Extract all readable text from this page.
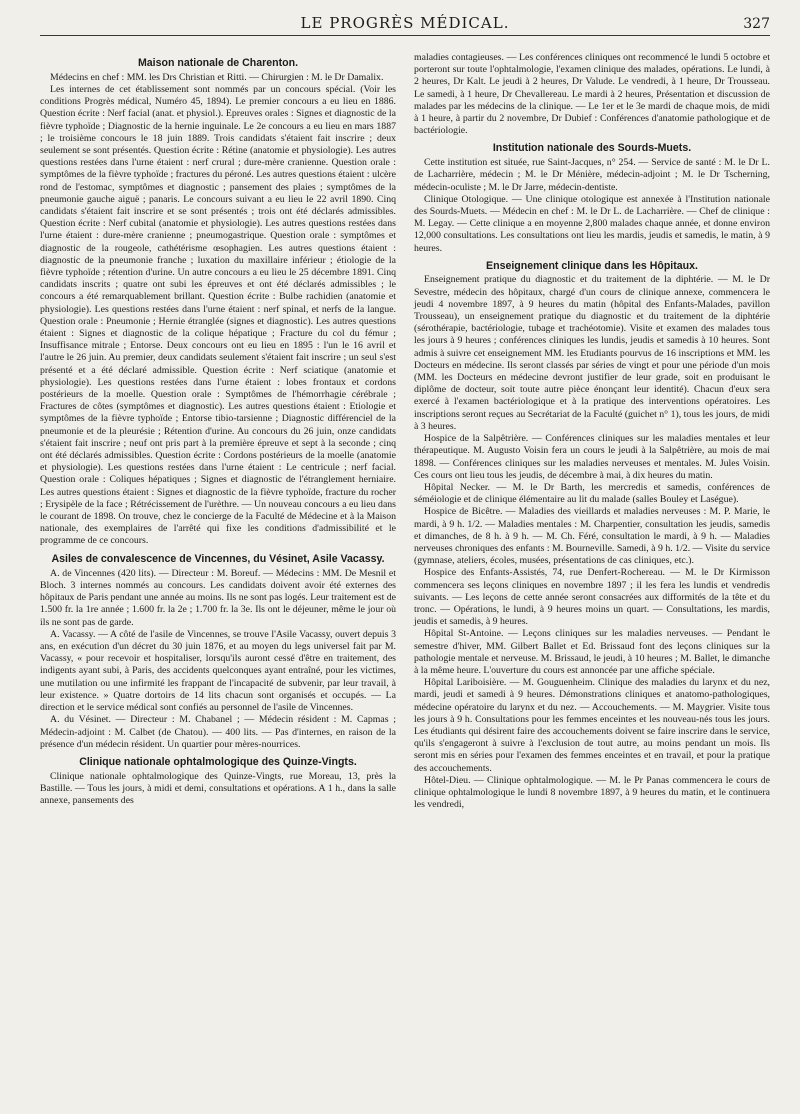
LE PROGRÈS MÉDICAL.	327
Maison nationale de Charenton.

Médecins en chef : MM. les Drs Christian et Ritti. — Chirurgien : M. le Dr Damalix.

Les internes de cet établissement sont nommés par un concours spécial. (Voir les conditions Progrès médical, Numéro 45, 1894). Le premier concours a eu lieu en 1886. Question écrite : Nerf facial (anat. et physiol.). Epreuves orales : Signes et diagnostic de la fièvre typhoïde ; Diagnostic de la hernie inguinale. Le 2e concours a eu lieu en mars 1887 ; le troisième concours le 18 juin 1889. Trois candidats s'étaient fait inscrire ; deux seulement se sont présentés. Question écrite : Rétine (anatomie et physiologie). Les autres questions restées dans l'urne étaient : nerf crural ; dure-mère cranienne. Question orale : symptômes de la fièvre typhoïde ; fractures du péroné. Les autres questions étaient : ulcère rond de l'estomac, symptômes et diagnostic ; pansement des plaies ; symptômes de la pneumonie gauche aiguë ; panaris. Le concours suivant a eu lieu le 22 avril 1890. Cinq candidats s'étaient fait inscrire et se sont présentés ; trois ont été déclarés admissibles. Question écrite : Nerf cubital (anatomie et physiologie). Les autres questions restées dans l'urne étaient : dure-mère cranienne ; pneumogastrique. Question orale : symptômes et diagnostic de la rougeole, cathétérisme œsophagien. Les autres questions étaient : diagnostic de la pneumonie franche ; luxation du maxillaire inférieur ; étiologie de la fièvre typhoïde ; rétention d'urine. Un autre concours a eu lieu le 25 décembre 1891. Cinq candidats inscrits ; quatre ont subi les épreuves et ont été déclarés admissibles ; le concours a été remarquablement brillant. Question écrite : Bulbe rachidien (anatomie et physiologie). Les questions restées dans l'urne étaient : nerf spinal, et nerfs de la langue. Question orale : Pneumonie ; Hernie étranglée (signes et diagnostic). Les autres questions étaient : Signes et diagnostic de la colique hépatique ; Fracture du col du fémur ; Insuffisance mitrale ; Entorse. Deux concours ont eu lieu en 1895 : l'un le 16 avril et l'autre le 26 juin. Au premier, deux candidats seulement s'étaient fait inscrire ; un seul s'est présenté et a été déclaré admissible. Question écrite : Nerf sciatique (anatomie et physiologie). Les questions restées dans l'urne étaient : lobes frontaux et cordons postérieurs de la moelle. Question orale : Symptômes de l'hémorrhagie cérébrale ; Fractures de côtes (symptômes et diagnostic). Les autres questions étaient : Etiologie et symptômes de la fièvre typhoïde ; Entorse tibio-tarsienne ; Diagnostic différenciel de la pneumonie et de la pleurésie ; Rétention d'urine. Au concours du 26 juin, onze candidats s'étaient fait inscrire ; neuf ont pris part à la première épreuve et sept à la seconde ; cinq ont été déclarés admissibles. Question écrite : Cordons postérieurs de la moelle (anatomie et physiologie). Les questions restées dans l'urne étaient : Le centricule ; nerf facial. Question orale : Coliques hépatiques ; Signes et diagnostic de l'étranglement herniaire. Les autres questions étaient : Signes et diagnostic de la fièvre typhoïde, fracture du rocher ; Erysipèle de la face ; Rétrécissement de l'urèthre. — Un nouveau concours a eu lieu dans le courant de 1898. On trouve, chez le concierge de la Faculté de Médecine et à la Maison nationale, des exemplaires de l'arrêté qui fixe les conditions d'admissibilité et le programme de ce concours.

Asiles de convalescence de Vincennes, du Vésinet, Asile Vacassy.

A. de Vincennes (420 lits). — Directeur : M. Boreuf. — Médecins : MM. De Mesnil et Bloch. 3 internes nommés au concours. Les candidats doivent avoir été externes des hôpitaux de Paris pendant une année au moins. Ils ne sont pas logés. Leur traitement est de 1.500 fr. la 1re année ; 1.600 fr. la 2e ; 1.700 fr. la 3e. Ils ont le déjeuner, même le jour où ils ne sont pas de garde.

A. Vacassy. — A côté de l'asile de Vincennes, se trouve l'Asile Vacassy, ouvert depuis 3 ans, en exécution d'un décret du 30 juin 1876, et au moyen du legs universel fait par M. Vacassy, « pour recevoir et hospitaliser, lorsqu'ils auront cessé d'être en traitement, des indigents ayant subi, à Paris, des accidents quelconques ayant entraîné, pour les victimes, une mutilation ou une infirmité les frappant de l'incapacité de subvenir, par leur travail, à leur existence. » Quatre dortoirs de 14 lits chacun sont organisés et occupés. — La direction et le service médical sont confiés au personnel de l'asile de Vincennes.

A. du Vésinet. — Directeur : M. Chabanel ; — Médecin résident : M. Capmas ; Médecin-adjoint : M. Calbet (de Chatou). — 400 lits. — Pas d'internes, en raison de la présence d'un médecin résident. Un quartier pour mères-nourrices.

Clinique nationale ophtalmologique des Quinze-Vingts.

Clinique nationale ophtalmologique des Quinze-Vingts, rue Moreau, 13, près la Bastille. — Tous les jours, à midi et demi, consultations et opérations. A 1 h., dans la salle annexe, pansements des

maladies contagieuses. — Les conférences cliniques ont recommencé le lundi 5 octobre et porteront sur toute l'ophtalmologie, l'examen clinique des malades, opérations. Le lundi, à 2 heures, Dr Kalt. Le jeudi à 2 heures, Dr Valude. Le vendredi, à 1 heure, Dr Trousseau. Le samedi, à 1 heure, Dr Chevallereau. Le mardi à 2 heures, Présentation et discussion de malades par les médecins de la clinique. — Le 1er et le 3e mardi de chaque mois, de midi à 1 heure, à partir du 2 novembre, Dr Dubief : Conférences d'anatomie pathologique et de bactériologie.

Institution nationale des Sourds-Muets.

Cette institution est située, rue Saint-Jacques, n° 254. — Service de santé : M. le Dr L. de Lacharrière, médecin ; M. le Dr Ménière, médecin-adjoint ; M. le Dr Tscherning, médecin-oculiste ; M. le Dr Jarre, médecin-dentiste.

Clinique Otologique. — Une clinique otologique est annexée à l'Institution nationale des Sourds-Muets. — Médecin en chef : M. le Dr L. de Lacharrière. — Chef de clinique : M. Legay. — Cette clinique a en moyenne 2,800 malades chaque année, et donne environ 12,000 consultations. Les consultations ont lieu les mardis, jeudis et samedis, le matin, à 9 heures.

Enseignement clinique dans les Hôpitaux.

Enseignement pratique du diagnostic et du traitement de la diphtérie. — M. le Dr Sevestre, médecin des hôpitaux, chargé d'un cours de clinique annexe, commencera le jeudi 4 novembre 1897, à 9 heures du matin (hôpital des Enfants-Malades, pavillon Trousseau), un enseignement pratique du diagnostic et du traitement de la diphtérie (sérothérapie, bactériologie, tubage et trachéotomie). Visite et examen des malades tous les jours à 9 heures ; conférences cliniques les lundis, jeudis et samedis à 10 heures. Sont admis à suivre cet enseignement MM. les Etudiants pourvus de 16 inscriptions et MM. les Docteurs en médecine. Ils seront classés par séries de vingt et pour une période d'un mois (MM. les Docteurs en médecine devront justifier de leur grade, soit en produisant le diplôme de docteur, soit toute autre pièce énonçant leur identité). Chacun d'eux sera exercé à l'examen bactériologique et à la pratique des interventions opératoires. Les inscriptions seront reçues au Secrétariat de la Faculté (guichet n° 1), tous les jours, de midi à 3 heures.

Hospice de la Salpêtrière. — Conférences cliniques sur les maladies mentales et leur thérapeutique. M. Augusto Voisin fera un cours le jeudi à la Salpêtrière, au mois de mai 1898. — Conférences cliniques sur les maladies nerveuses et mentales. M. Jules Voisin. Ces cours ont lieu tous les jeudis, de décembre à mai, à dix heures du matin.

Hôpital Necker. — M. le Dr Barth, les mercredis et samedis, conférences de séméiologie et de clinique élémentaire au lit du malade (salles Bouley et Laségue).

Hospice de Bicêtre. — Maladies des vieillards et maladies nerveuses : M. P. Marie, le mardi, à 9 h. 1/2. — Maladies mentales : M. Charpentier, consultation les jeudis, samedis et dimanches, de 8 h. à 9 h. — M. Ch. Féré, consultation le mardi, à 9 h. — Maladies nerveuses chroniques des enfants : M. Bourneville. Samedi, à 9 h. 1/2. — Visite du service (gymnase, ateliers, écoles, musées, présentations de cas cliniques, etc.).

Hospice des Enfants-Assistés, 74, rue Denfert-Rochereau. — M. le Dr Kirmisson commencera ses leçons cliniques en novembre 1897 ; il les fera les lundis et vendredis suivants. — Les leçons de cette année seront consacrées aux difformités de la tête et du tronc. — Opérations, le lundi, à 9 heures moins un quart. — Consultations, les mardis, jeudis et samedis, à 9 heures.

Hôpital St-Antoine. — Leçons cliniques sur les maladies nerveuses. — Pendant le semestre d'hiver, MM. Gilbert Ballet et Ed. Brissaud font des leçons cliniques sur la pathologie mentale et nerveuse. M. Brissaud, le jeudi, à 10 heures ; M. Ballet, le dimanche à la même heure. L'ouverture du cours est annoncée par une affiche spéciale.

Hôpital Lariboisière. — M. Gouguenheim. Clinique des maladies du larynx et du nez, mardi, jeudi et samedi à 9 heures. Démonstrations cliniques et anatomo-pathologiques, médecine opératoire du larynx et du nez. — Accouchements. — M. Maygrier. Visite tous les jours à 9 h. Consultations pour les femmes enceintes et les nouveau-nés tous les jours. Les étudiants qui désirent faire des accouchements doivent se faire inscrire dans le service, qu'ils s'engageront à suivre à l'exclusion de tout autre, au moins pendant un mois. Ils seront mis en séries pour l'examen des femmes enceintes et en travail, et pour la pratique des accouchements.

Hôtel-Dieu. — Clinique ophtalmologique. — M. le Pr Panas commencera le cours de clinique ophtalmologique le lundi 8 novembre 1897, à 9 heures du matin, et le continuera les vendredi,
